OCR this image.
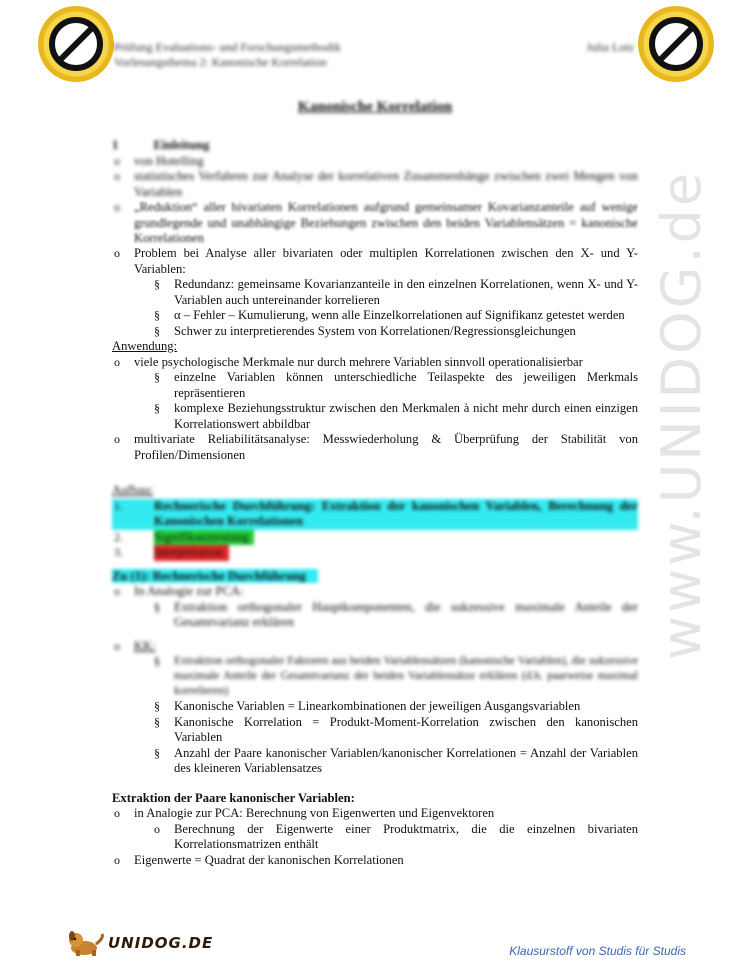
Prüfung Evaluations- und Forschungsmethodik
Vorlesungsthema 2: Kanonische Korrelation
Julia Lotz
Kanonische Korrelation
www.UNIDOG.de
1	Einleitung
o von Hotelling
o statistisches Verfahren zur Analyse der korrelativen Zusammenhänge zwischen zwei Mengen von Variablen
o „Reduktion“ aller bivariaten Korrelationen aufgrund gemeinsamer Kovarianzanteile auf wenige grundlegende und unabhängige Beziehungen zwischen den beiden Variablensätzen = kanonische Korrelationen
o Problem bei Analyse aller bivariaten oder multiplen Korrelationen zwischen den X- und Y-Variablen:
§ Redundanz: gemeinsame Kovarianzanteile in den einzelnen Korrelationen, wenn X- und Y-Variablen auch untereinander korrelieren
§ α – Fehler – Kumulierung, wenn alle Einzelkorrelationen auf Signifikanz getestet werden
§ Schwer zu interpretierendes System von Korrelationen/Regressionsgleichungen
Anwendung:
o viele psychologische Merkmale nur durch mehrere Variablen sinnvoll operationalisierbar
§ einzelne Variablen können unterschiedliche Teilaspekte des jeweiligen Merkmals repräsentieren
§ komplexe Beziehungsstruktur zwischen den Merkmalen à nicht mehr durch einen einzigen Korrelationswert abbildbar
o multivariate Reliabilitätsanalyse: Messwiederholung & Überprüfung der Stabilität von Profilen/Dimensionen
Aufbau:
1. Rechnerische Durchführung: Extraktion der kanonischen Variablen, Berechnung der Kanonischen Korrelationen
2. Signifikanztestung
3. Interpretation
Zu (1): Rechnerische Durchführung
o In Analogie zur PCA:
§ Extraktion orthogonaler Hauptkomponenten, die sukzessive maximale Anteile der Gesamtvarianz erklären
o KK:
§ Extraktion orthogonaler Faktoren aus beiden Variablensätzen (kanonische Variablen), die sukzessive maximale Anteile der Gesamtvarianz der beiden Variablensätze erklären (d.h. paarweise maximal korrelieren)
§ Kanonische Variablen = Linearkombinationen der jeweiligen Ausgangsvariablen
§ Kanonische Korrelation = Produkt-Moment-Korrelation zwischen den kanonischen Variablen
§ Anzahl der Paare kanonischer Variablen/kanonischer Korrelationen = Anzahl der Variablen des kleineren Variablensatzes
Extraktion der Paare kanonischer Variablen:
o in Analogie zur PCA: Berechnung von Eigenwerten und Eigenvektoren
o Berechnung der Eigenwerte einer Produktmatrix, die die einzelnen bivariaten Korrelationsmatrizen enthält
o Eigenwerte = Quadrat der kanonischen Korrelationen
UNIDOG.DE	Klausurstoff von Studis für Studis
